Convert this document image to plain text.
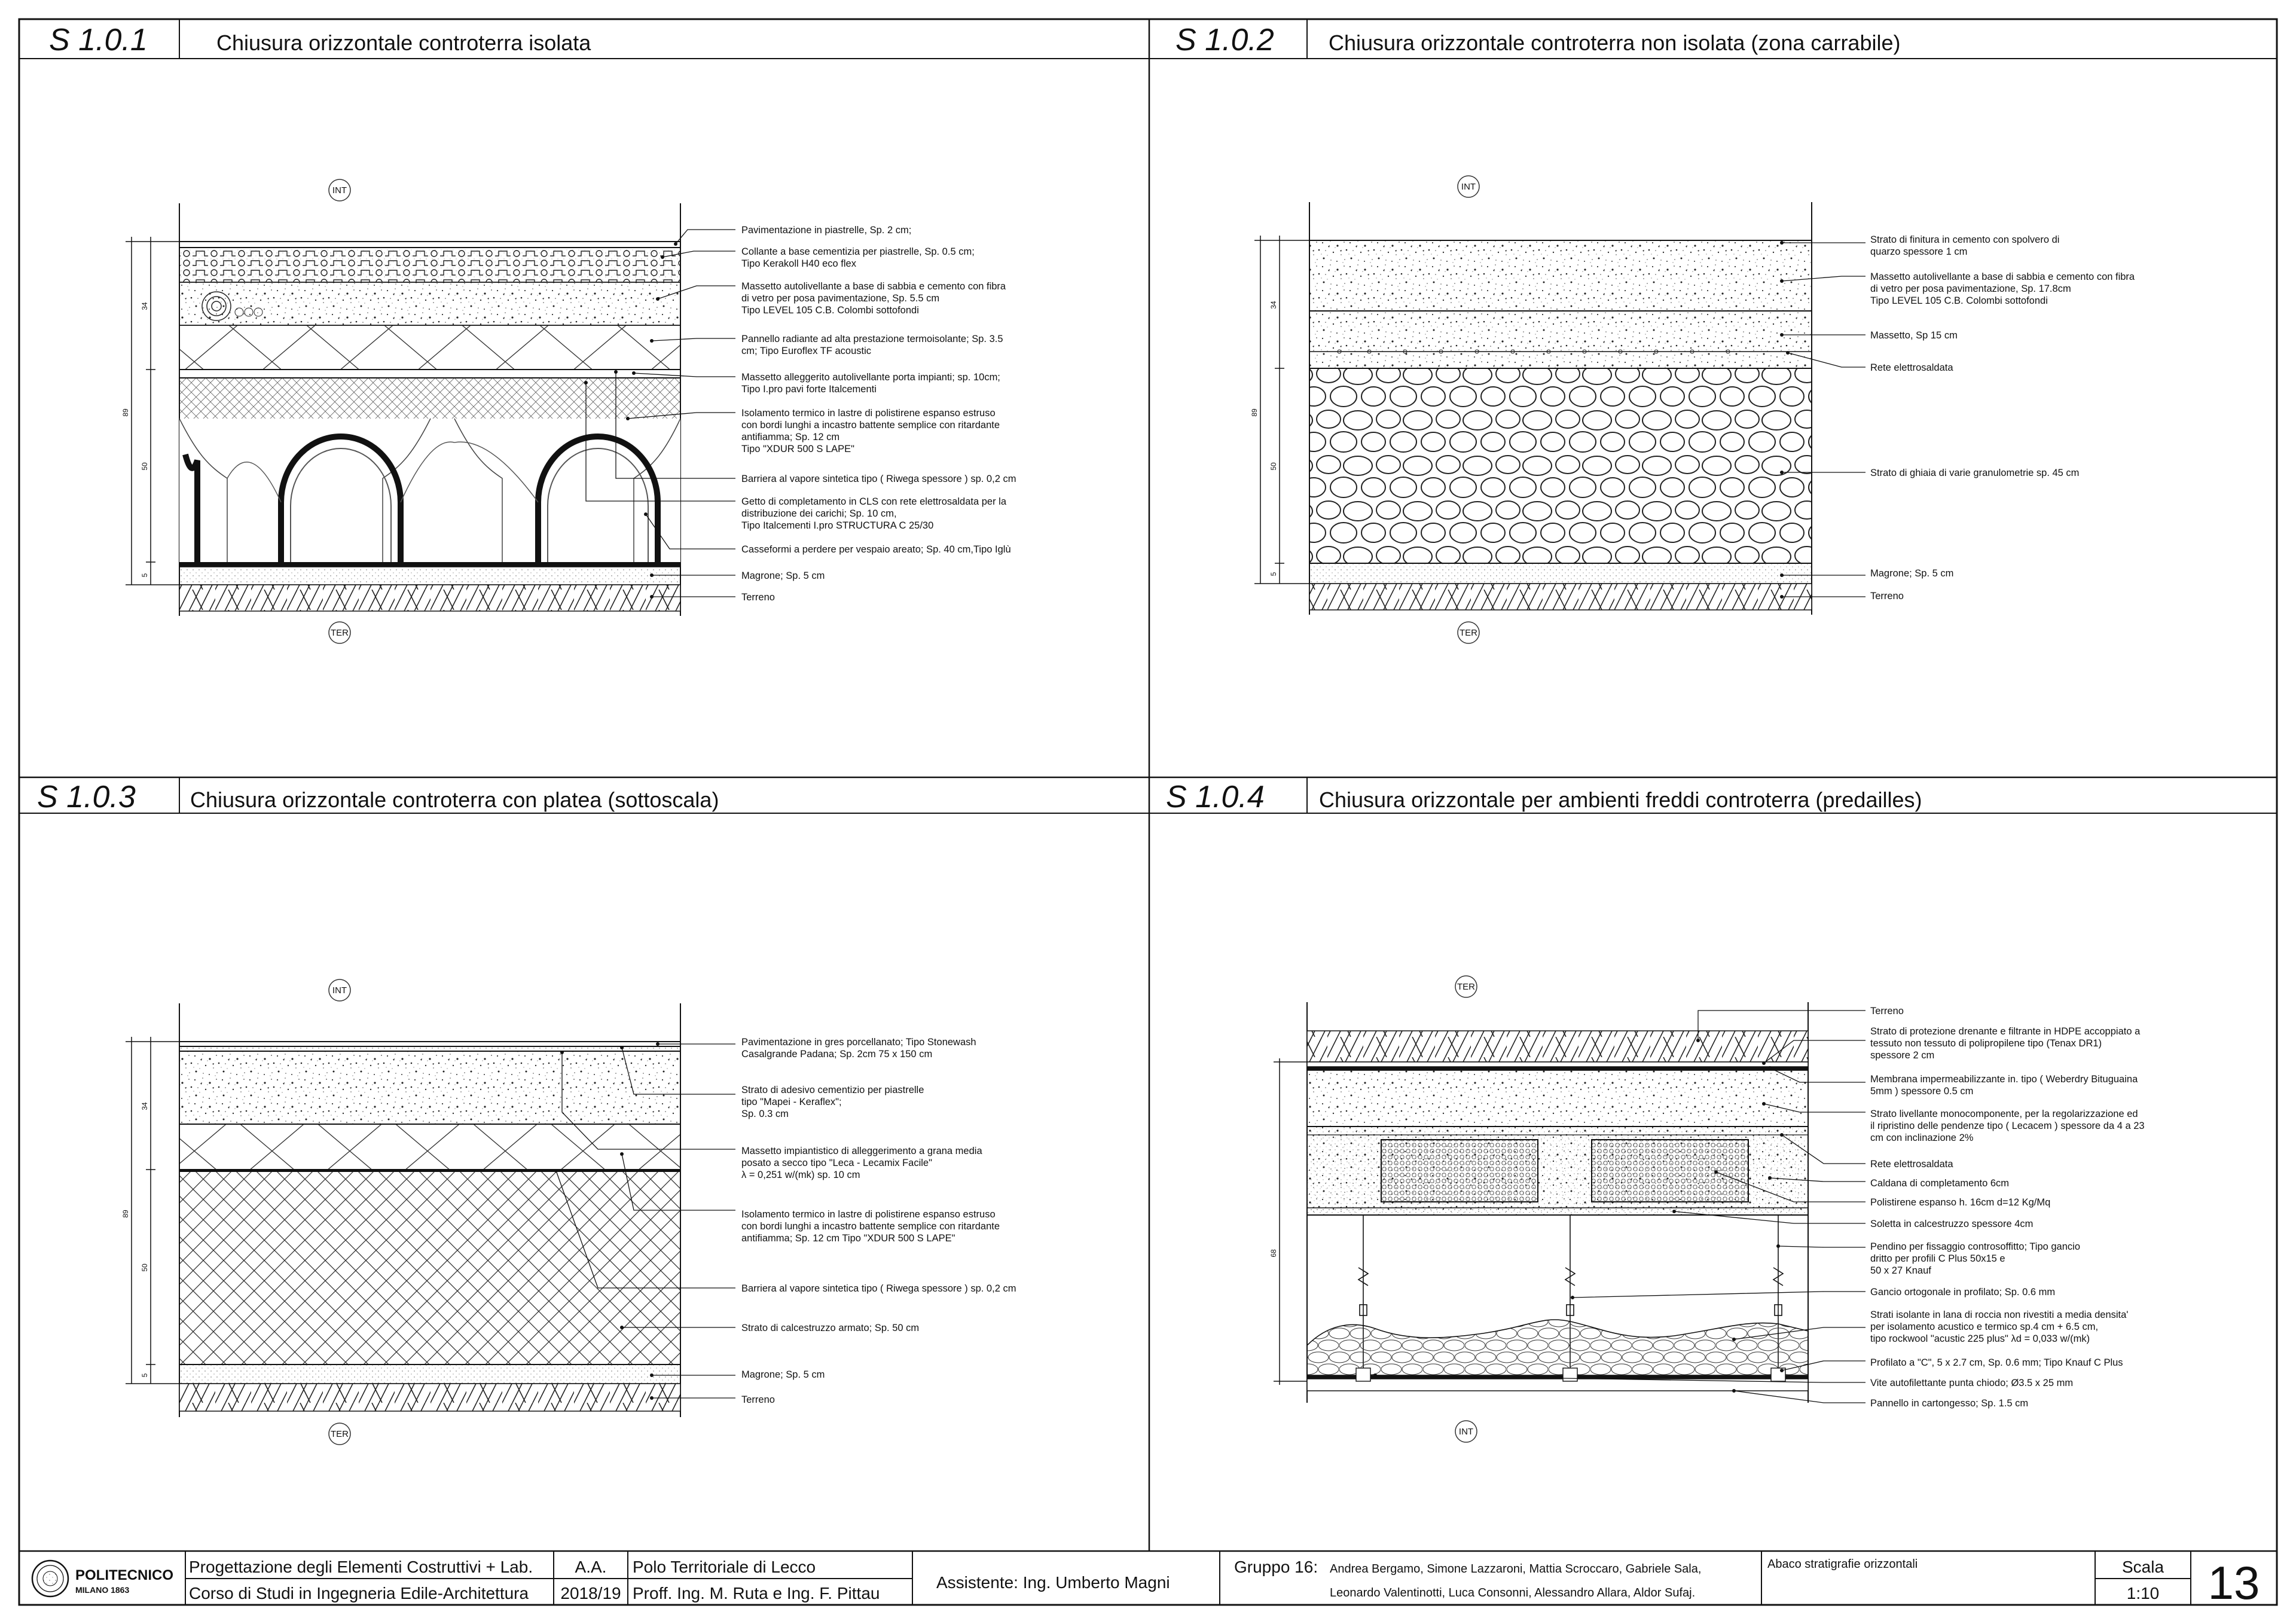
S 1.0.1	Chiusura orizzontale controterra isolata	S 1.0.2	Chiusura orizzontale controterra non isolata (zona carrabile)
S 1.0.3	Chiusura orizzontale controterra con platea (sottoscala)	S 1.0.4	Chiusura orizzontale per ambienti freddi controterra (predailles)
INT
TER
34
50
5
89
Pavimentazione in piastrelle, Sp. 2 cm;
Collante a base cementizia per piastrelle, Sp. 0.5 cm; Tipo Kerakoll H40 eco flex
Massetto autolivellante a base di sabbia e cemento con fibra di vetro per posa pavimentazione, Sp. 5.5 cm Tipo LEVEL 105 C.B. Colombi sottofondi
Pannello radiante ad alta prestazione termoisolante; Sp. 3.5 cm; Tipo Euroflex TF acoustic
Massetto alleggerito autolivellante porta impianti; sp. 10cm; Tipo I.pro pavi forte Italcementi
Isolamento termico in lastre di polistirene espanso estruso con bordi lunghi a incastro battente semplice con ritardante antifiamma; Sp. 12 cm Tipo "XDUR 500 S LAPE"
Barriera al vapore sintetica tipo ( Riwega spessore ) sp. 0,2 cm
Getto di completamento in CLS con rete elettrosaldata per la distribuzione dei carichi; Sp. 10 cm, Tipo Italcementi I.pro STRUCTURA C 25/30
Casseformi a perdere per vespaio areato; Sp. 40 cm,Tipo Iglù
Magrone; Sp. 5 cm
Terreno
INT
TER
34
50
5
89
Strato di finitura in cemento con spolvero di quarzo spessore 1 cm
Massetto autolivellante a base di sabbia e cemento con fibra di vetro per posa pavimentazione, Sp. 17.8cm Tipo LEVEL 105 C.B. Colombi sottofondi
Massetto, Sp 15 cm
Rete elettrosaldata
Strato di ghiaia di varie granulometrie sp. 45 cm
Magrone; Sp. 5 cm
Terreno
INT
TER
34
50
5
89
Pavimentazione in gres porcellanato; Tipo Stonewash Casalgrande Padana; Sp. 2cm 75 x 150 cm
Strato di adesivo cementizio per piastrelle tipo "Mapei - Keraflex"; Sp. 0.3 cm
Massetto impiantistico di alleggerimento a grana media posato a secco tipo "Leca - Lecamix Facile" λ = 0,251 w/(mk) sp. 10 cm
Isolamento termico in lastre di polistirene espanso estruso con bordi lunghi a incastro battente semplice con ritardante antifiamma; Sp. 12 cm Tipo "XDUR 500 S LAPE"
Barriera al vapore sintetica tipo ( Riwega spessore ) sp. 0,2 cm
Strato di calcestruzzo armato; Sp. 50 cm
Magrone; Sp. 5 cm
Terreno
TER
INT
68
Terreno
Strato di protezione drenante e filtrante in HDPE accoppiato a tessuto non tessuto di polipropilene tipo (Tenax DR1) spessore 2 cm
Membrana impermeabilizzante in. tipo ( Weberdry Bituguaina 5mm ) spessore 0.5 cm
Strato livellante monocomponente, per la regolarizzazione ed il ripristino delle pendenze tipo ( Lecacem ) spessore da 4 a 23 cm con inclinazione 2%
Rete elettrosaldata
Caldana di completamento 6cm
Polistirene espanso h. 16cm d=12 Kg/Mq
Soletta in calcestruzzo spessore 4cm
Pendino per fissaggio controsoffitto; Tipo gancio dritto per profili C Plus 50x15 e 50 x 27 Knauf
Gancio ortogonale in profilato; Sp. 0.6 mm
Strati isolante in lana di roccia non rivestiti a media densita' per isolamento acustico e termico sp.4 cm + 6.5 cm, tipo rockwool "acustic 225 plus" λd = 0,033 w/(mk)
Profilato a "C", 5 x 2.7 cm, Sp. 0.6 mm; Tipo Knauf C Plus
Vite autofilettante punta chiodo; Ø3.5 x 25 mm
Pannello in cartongesso; Sp. 1.5 cm
POLITECNICO
MILANO 1863
Progettazione degli Elementi Costruttivi + Lab.
Corso di Studi in Ingegneria Edile-Architettura
A.A.
2018/19
Polo Territoriale di Lecco
Proff. Ing. M. Ruta e Ing. F. Pittau
Assistente: Ing. Umberto Magni
Gruppo 16: Andrea Bergamo, Simone Lazzaroni, Mattia Scroccaro, Gabriele Sala,
Leonardo Valentinotti, Luca Consonni, Alessandro Allara, Aldor Sufaj.
Abaco stratigrafie orizzontali	Scala
1:10 13
